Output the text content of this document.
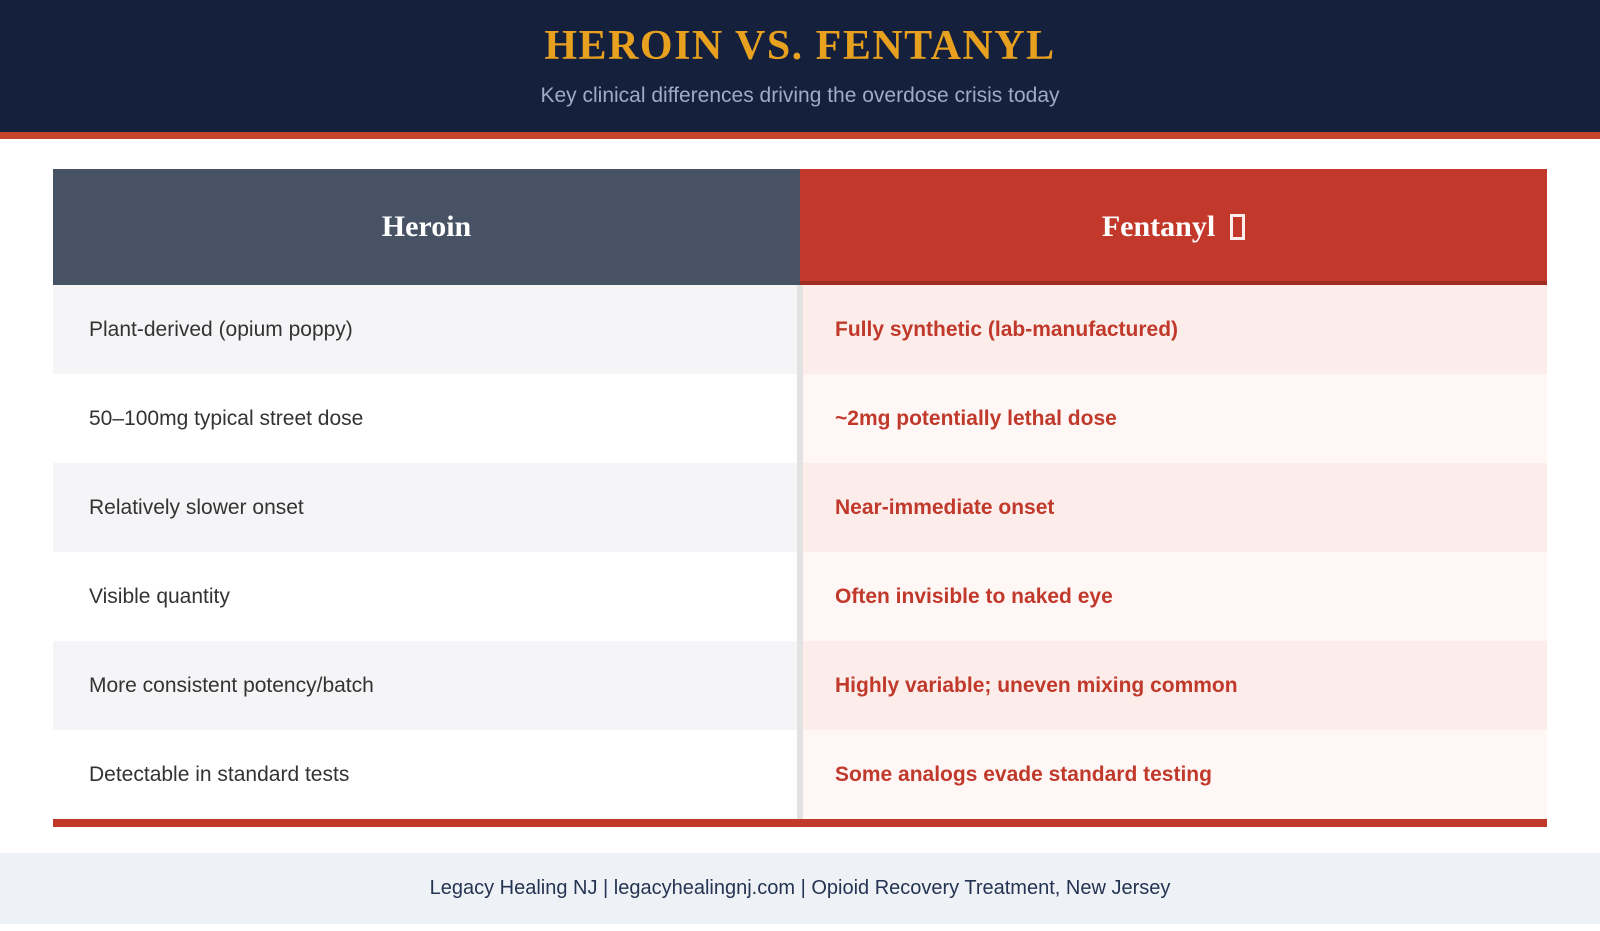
HEROIN VS. FENTANYL
Key clinical differences driving the overdose crisis today
Heroin	Fentanyl
Plant-derived (opium poppy)	Fully synthetic (lab-manufactured)
50–100mg typical street dose	~2mg potentially lethal dose
Relatively slower onset	Near-immediate onset
Visible quantity	Often invisible to naked eye
More consistent potency/batch	Highly variable; uneven mixing common
Detectable in standard tests	Some analogs evade standard testing
Legacy Healing NJ | legacyhealingnj.com | Opioid Recovery Treatment, New Jersey
